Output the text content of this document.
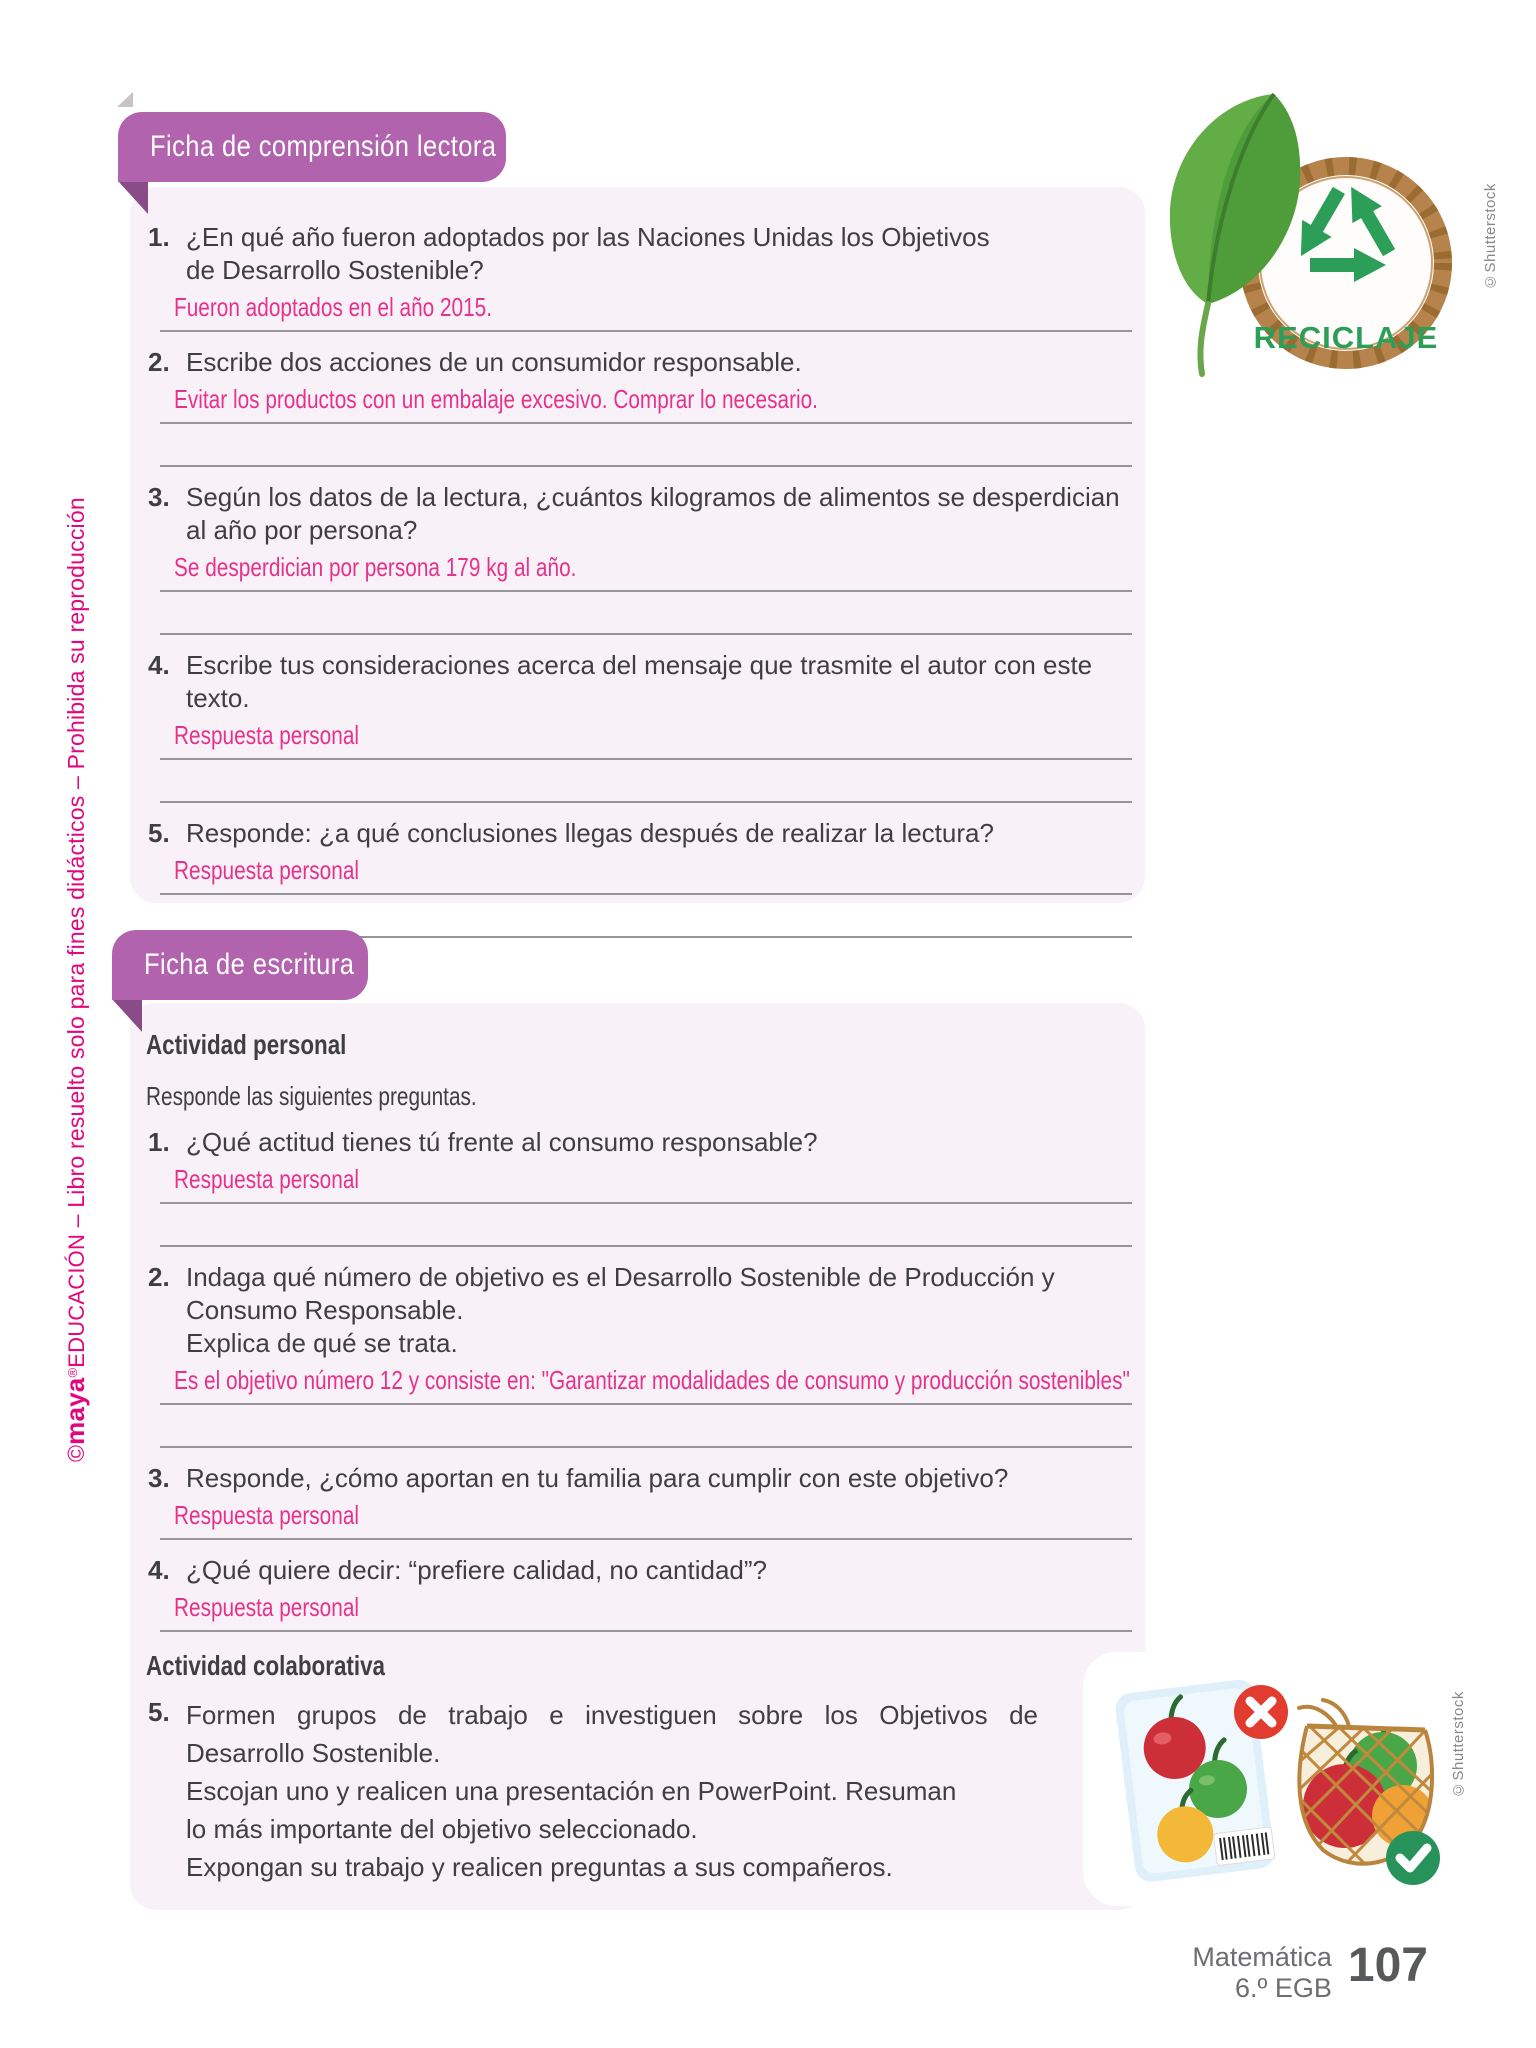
Ficha de comprensión lectora
1. ¿En qué año fueron adoptados por las Naciones Unidas los Objetivos
de Desarrollo Sostenible?
Fueron adoptados en el año 2015.
2. Escribe dos acciones de un consumidor responsable.
Evitar los productos con un embalaje excesivo. Comprar lo necesario.
3. Según los datos de la lectura, ¿cuántos kilogramos de alimentos se desperdician al año por persona?
Se desperdician por persona 179 kg al año.
4. Escribe tus consideraciones acerca del mensaje que trasmite el autor con este texto.
Respuesta personal
5. Responde: ¿a qué conclusiones llegas después de realizar la lectura?
Respuesta personal
RECICLAJE
©Shutterstock
Ficha de escritura
Actividad personal
Responde las siguientes preguntas.
1. ¿Qué actitud tienes tú frente al consumo responsable?
Respuesta personal
2. Indaga qué número de objetivo es el Desarrollo Sostenible de Producción y Consumo Responsable.
Explica de qué se trata.
Es el objetivo número 12 y consiste en: "Garantizar modalidades de consumo y producción sostenibles"
3. Responde, ¿cómo aportan en tu familia para cumplir con este objetivo?
Respuesta personal
4. ¿Qué quiere decir: “prefiere calidad, no cantidad”?
Respuesta personal
Actividad colaborativa
5. Formen grupos de trabajo e investiguen sobre los Objetivos de
Desarrollo Sostenible.
Escojan uno y realicen una presentación en PowerPoint. Resuman
lo más importante del objetivo seleccionado.
Expongan su trabajo y realicen preguntas a sus compañeros.
©Shutterstock
©maya®EDUCACIÓN – Libro resuelto solo para fines didácticos – Prohibida su reproducción
Matemática
6.º EGB 107
